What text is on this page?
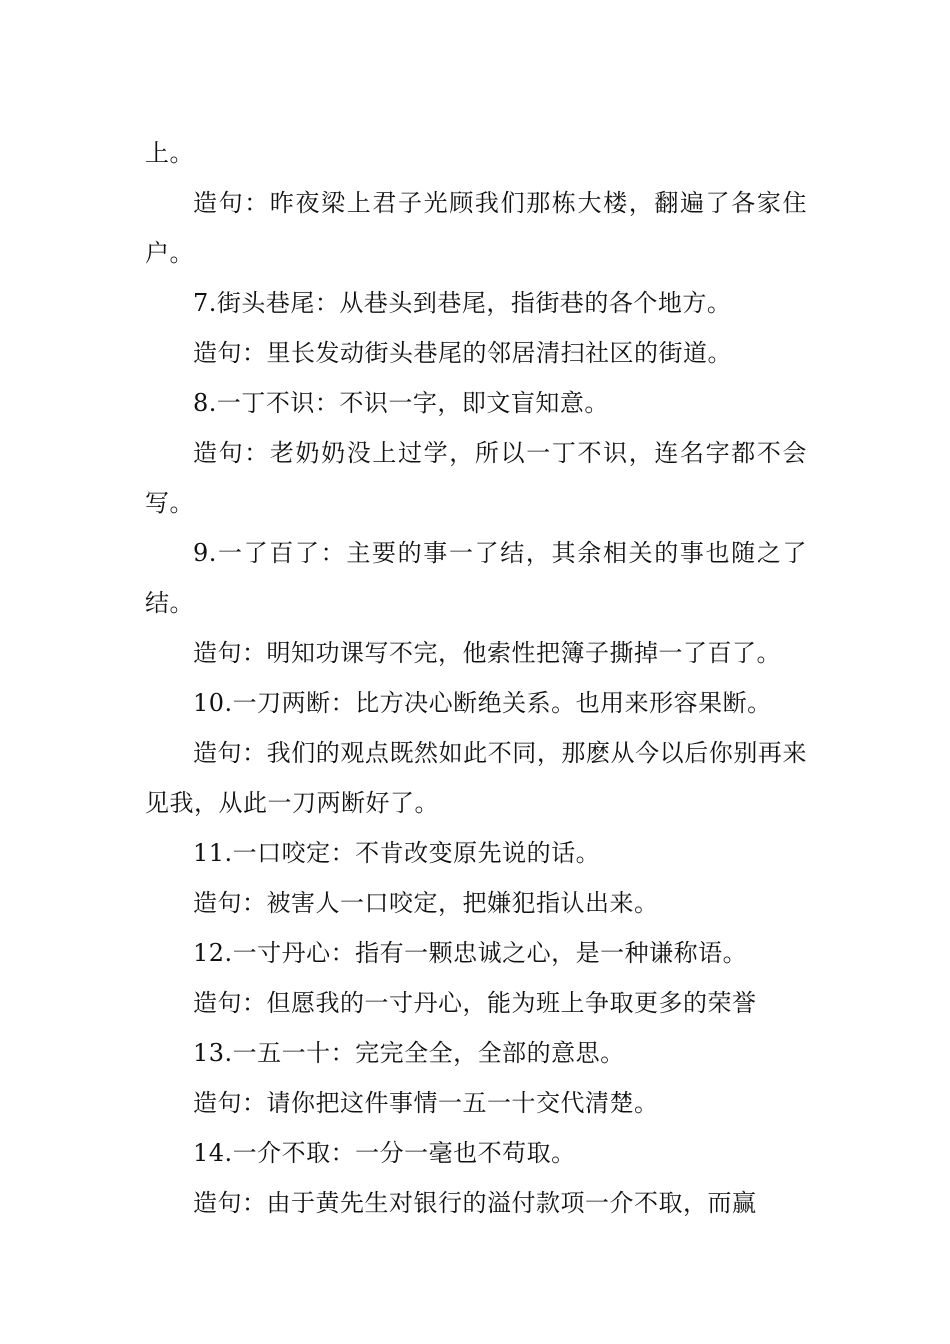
上。

造句：昨夜梁上君子光顾我们那栋大楼，翻遍了各家住户。

7.街头巷尾：从巷头到巷尾，指街巷的各个地方。

造句：里长发动街头巷尾的邻居清扫社区的街道。

8.一丁不识：不识一字，即文盲知意。

造句：老奶奶没上过学，所以一丁不识，连名字都不会写。

9.一了百了：主要的事一了结，其余相关的事也随之了结。

造句：明知功课写不完，他索性把簿子撕掉一了百了。

10.一刀两断：比方决心断绝关系。也用来形容果断。

造句：我们的观点既然如此不同，那麽从今以后你别再来见我，从此一刀两断好了。

11.一口咬定：不肯改变原先说的话。

造句：被害人一口咬定，把嫌犯指认出来。

12.一寸丹心：指有一颗忠诚之心，是一种谦称语。

造句：但愿我的一寸丹心，能为班上争取更多的荣誉

13.一五一十：完完全全，全部的意思。

造句：请你把这件事情一五一十交代清楚。

14.一介不取：一分一毫也不苟取。

造句：由于黄先生对银行的溢付款项一介不取，而赢
